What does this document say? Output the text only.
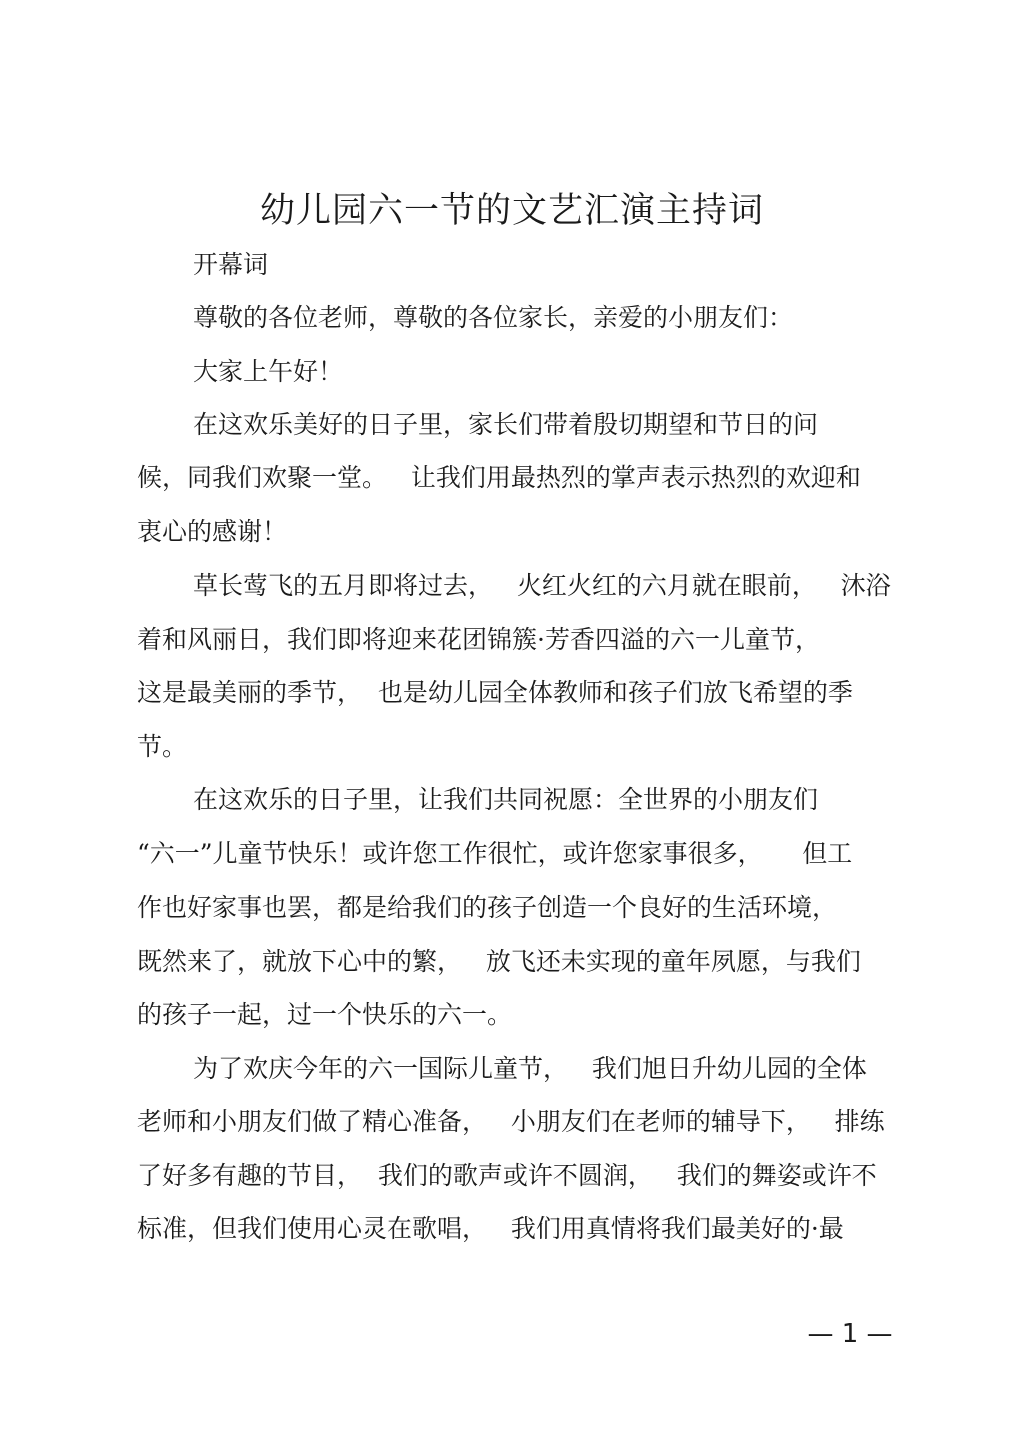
幼儿园六一节的文艺汇演主持词
开幕词
尊敬的各位老师，尊敬的各位家长，亲爱的小朋友们：
大家上午好！
在这欢乐美好的日子里，家长们带着殷切期望和节日的问
候，同我们欢聚一堂。   让我们用最热烈的掌声表示热烈的欢迎和
衷心的感谢！
草长莺飞的五月即将过去，   火红火红的六月就在眼前，   沐浴
着和风丽日，我们即将迎来花团锦簇·芳香四溢的六一儿童节，
这是最美丽的季节，  也是幼儿园全体教师和孩子们放飞希望的季
节。
在这欢乐的日子里，让我们共同祝愿：全世界的小朋友们
“六一”儿童节快乐！或许您工作很忙，或许您家事很多，     但工
作也好家事也罢，都是给我们的孩子创造一个良好的生活环境，
既然来了，就放下心中的繁，   放飞还未实现的童年夙愿，与我们
的孩子一起，过一个快乐的六一。
为了欢庆今年的六一国际儿童节，   我们旭日升幼儿园的全体
老师和小朋友们做了精心准备，   小朋友们在老师的辅导下，   排练
了好多有趣的节目，  我们的歌声或许不圆润，   我们的舞姿或许不
标准，但我们使用心灵在歌唱，   我们用真情将我们最美好的·最
— 1 —
